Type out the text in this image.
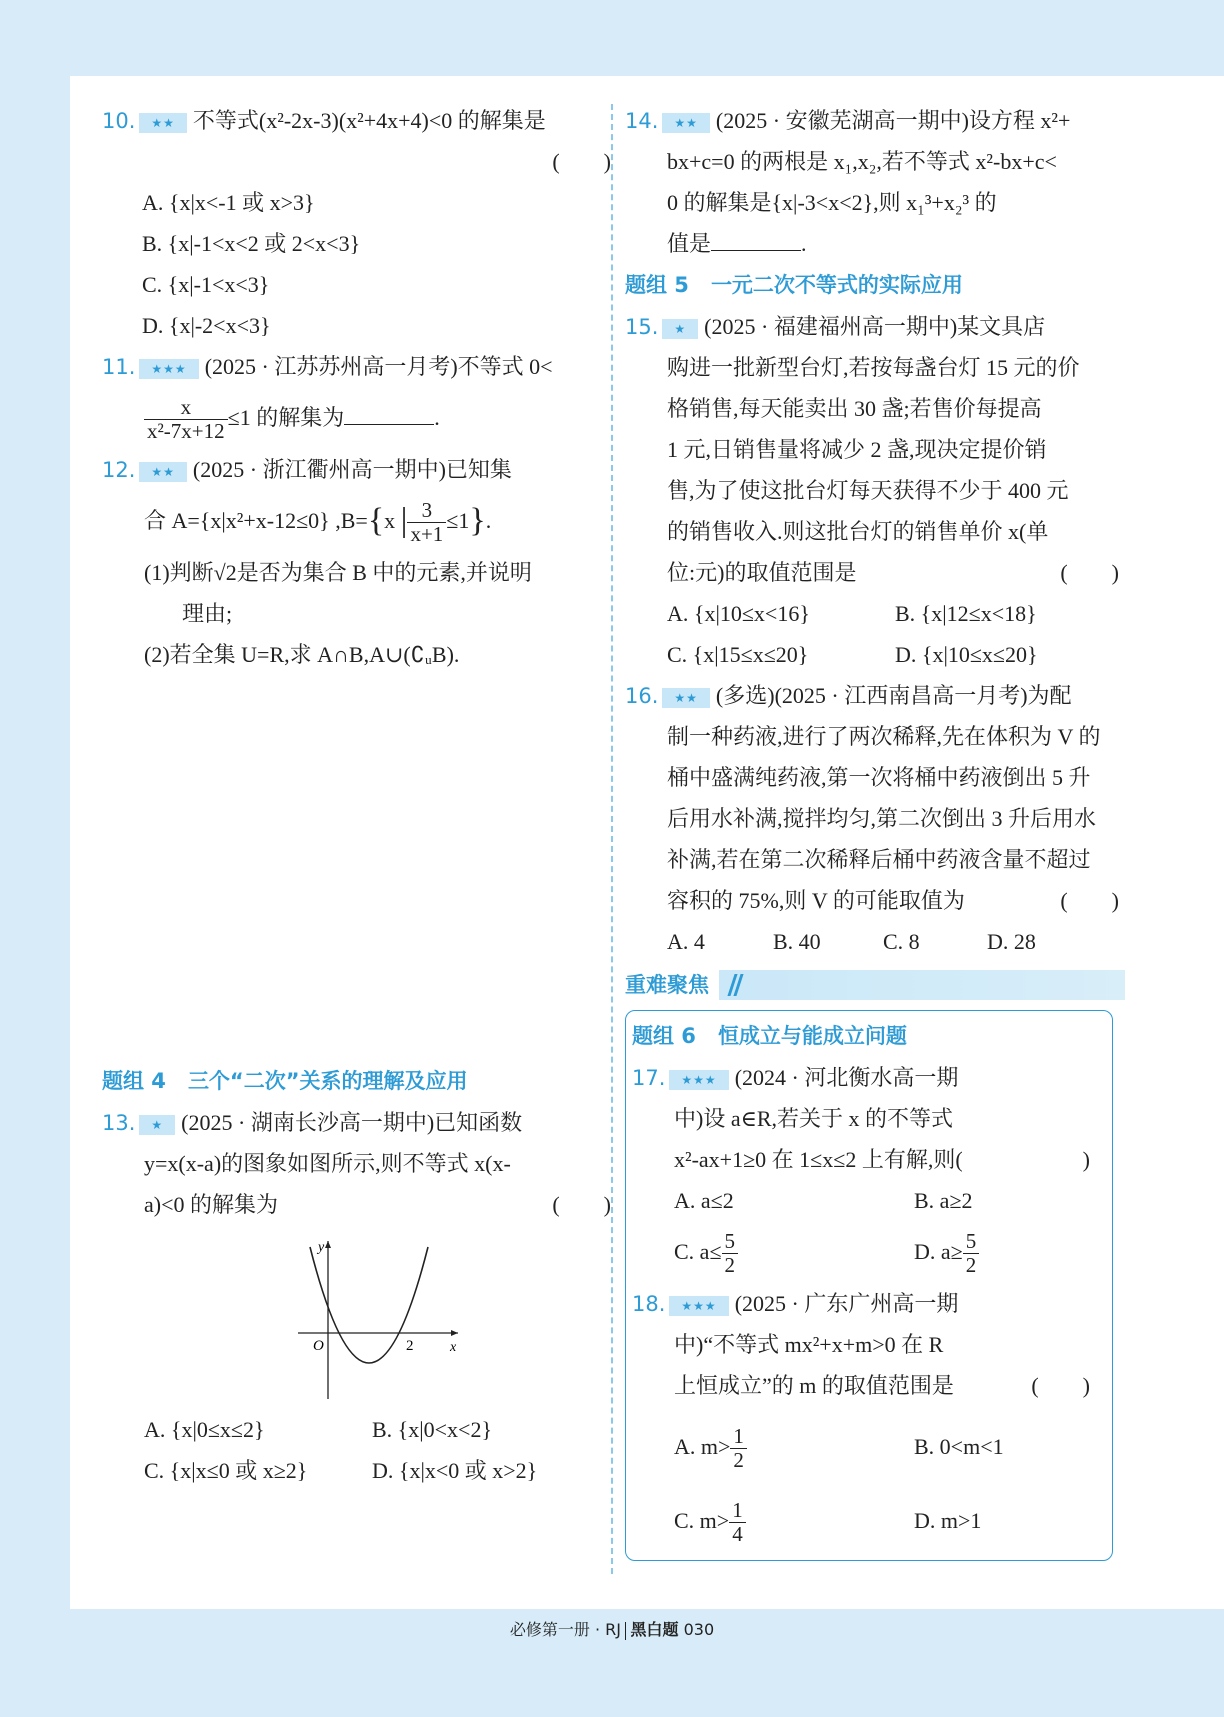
10. ★★ 不等式(x²-2x-3)(x²+4x+4)<0 的解集是
(　　)
A. {x|x<-1 或 x>3}
B. {x|-1<x<2 或 2<x<3}
C. {x|-1<x<3}
D. {x|-2<x<3}
11. ★★★ (2025 · 江苏苏州高一月考)不等式 0<
$\frac{x}{\text{x²-7x+12}} \le 1$ 的解集为	.
12. ★★ (2025 · 浙江衢州高一期中)已知集
合 A={x|x²+x-12≤0} ,B={x | $\frac{3}{x+1} \le 1$}.
(1)判断√2是否为集合 B 中的元素,并说明
理由;
(2)若全集 U=R,求 A∩B,A∪(∁ᵤB).
题组 4 三个“二次”关系的理解及应用
13. ★ (2025 · 湖南长沙高一期中)已知函数
y=x(x-a)的图象如图所示,则不等式 x(x-
a)<0 的解集为	(　　)
y
x
O	2
A. {x|0≤x≤2}	B. {x|0<x<2}
C. {x|x≤0 或 x≥2}	D. {x|x<0 或 x>2}
14. ★★ (2025 · 安徽芜湖高一期中)设方程 x²+
bx+c=0 的两根是 x₁,x₂,若不等式 x²-bx+c<
0 的解集是{x|-3<x<2},则 x₁³+x₂³ 的
值是	.
题组 5 一元二次不等式的实际应用
15. ★ (2025 · 福建福州高一期中)某文具店
购进一批新型台灯,若按每盏台灯 15 元的价
格销售,每天能卖出 30 盏;若售价每提高
1 元,日销售量将减少 2 盏,现决定提价销
售,为了使这批台灯每天获得不少于 400 元
的销售收入.则这批台灯的销售单价 x(单
位:元)的取值范围是	(　　)
A. {x|10≤x<16}	B. {x|12≤x<18}
C. {x|15≤x≤20}	D. {x|10≤x≤20}
16. ★★ (多选)(2025 · 江西南昌高一月考)为配
制一种药液,进行了两次稀释,先在体积为 V 的
桶中盛满纯药液,第一次将桶中药液倒出 5 升
后用水补满,搅拌均匀,第二次倒出 3 升后用水
补满,若在第二次稀释后桶中药液含量不超过
容积的 75%,则 V 的可能取值为	(　　)
A. 4	B. 40	C. 8	D. 28
重难聚焦
题组 6 恒成立与能成立问题
17. ★★★ (2024 · 河北衡水高一期
中)设 a∈R,若关于 x 的不等式
x²-ax+1≥0 在 1≤x≤2 上有解,则(	)
A. a≤2	B. a≥2
C. $a\le \frac{5}{2}$	D. $a\ge \frac{5}{2}$
18. ★★★ (2025 · 广东广州高一期
中)“不等式 mx²+x+m>0 在 R
上恒成立”的 m 的取值范围是	(　　)
A. $m> \frac{1}{2}$	B. 0<m<1
C. $m> \frac{1}{4}$	D. m>1
必修第一册 · RJ 黑白题 030
